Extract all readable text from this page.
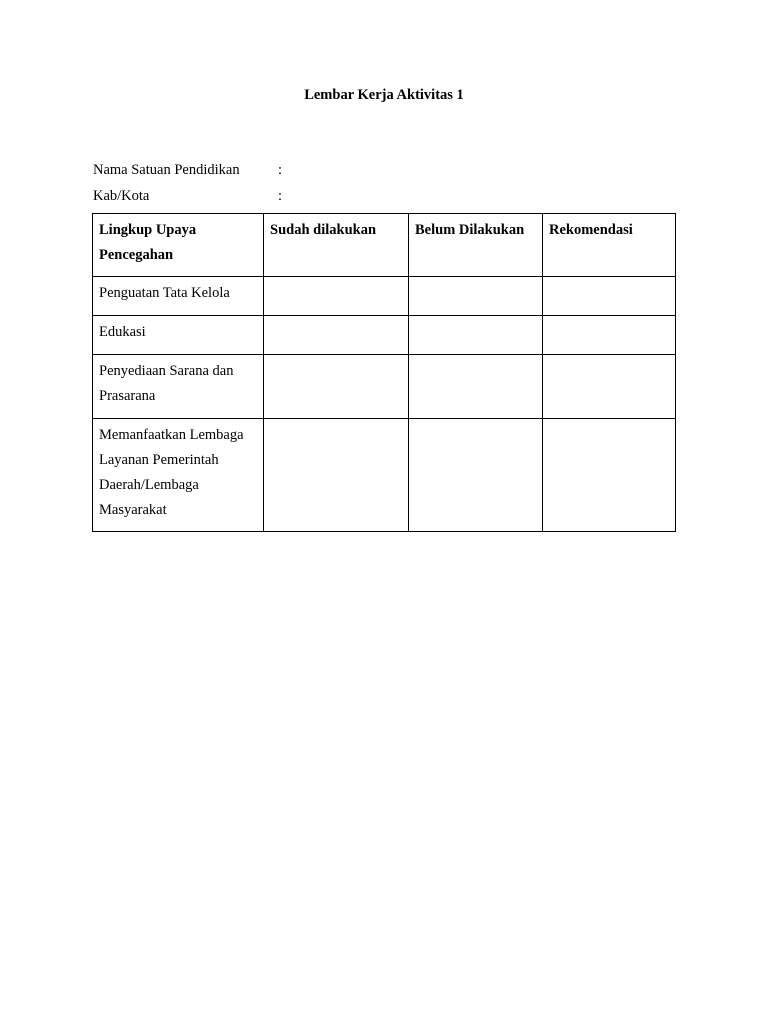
Lembar Kerja Aktivitas 1
Nama Satuan Pendidikan	:
Kab/Kota	:
Lingkup Upaya Pencegahan	Sudah dilakukan	Belum Dilakukan	Rekomendasi
Penguatan Tata Kelola			
Edukasi			
Penyediaan Sarana dan Prasarana			
Memanfaatkan Lembaga Layanan Pemerintah Daerah/Lembaga Masyarakat			
